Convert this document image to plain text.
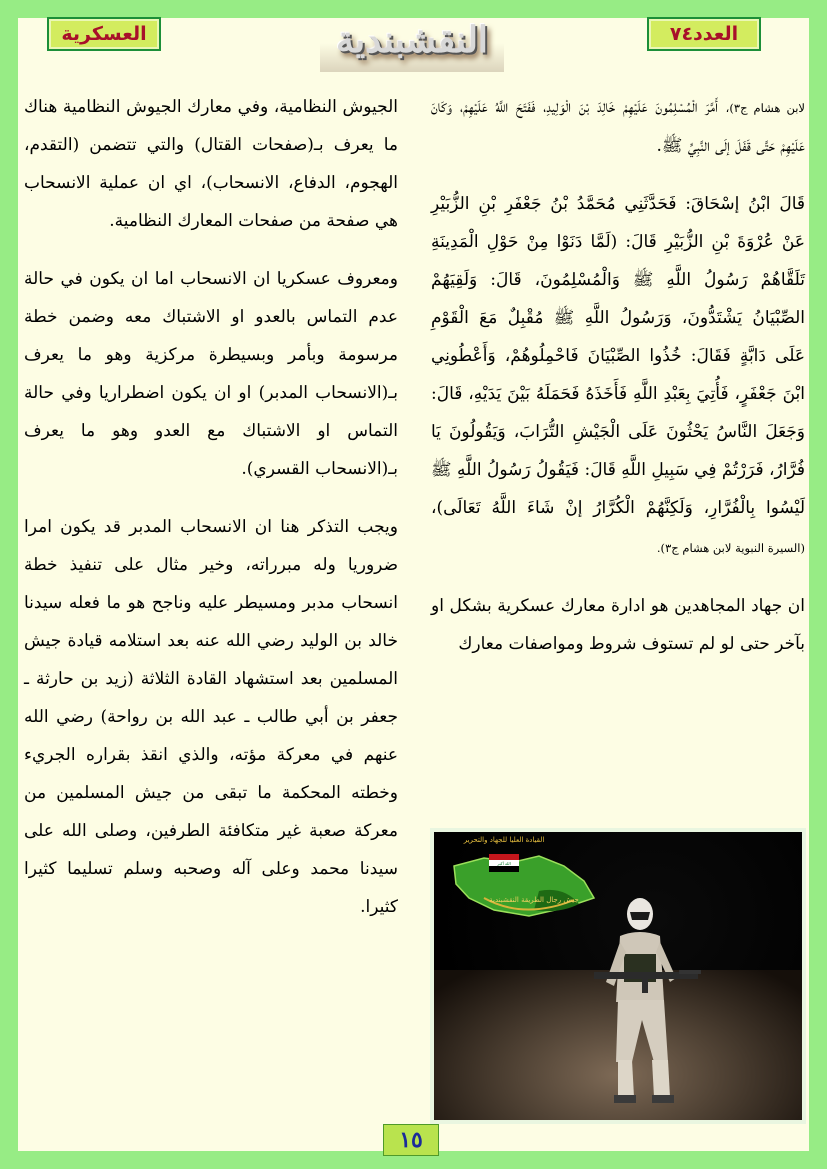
العدد٧٤
العسكرية	النقشبندية

لابن هشام ج٣)، أَمَّرَ الْمُسْلِمُونَ عَلَيْهِمْ خَالِدَ بْنَ الْوَلِيدِ، فَفَتَحَ اللَّهُ عَلَيْهِمْ، وَكَانَ عَلَيْهِمْ حَتَّى قَفَلَ إلَى النَّبِيِّ ﷺ.

قَالَ ابْنُ إسْحَاقَ: فَحَدَّثَنِي مُحَمَّدُ بْنُ جَعْفَرِ بْنِ الزُّبَيْرِ عَنْ عُرْوَةَ بْنِ الزُّبَيْرِ قَالَ: (لَمَّا دَنَوْا مِنْ حَوْلِ الْمَدِينَةِ تَلَقَّاهُمْ رَسُولُ اللَّهِ ﷺ وَالْمُسْلِمُونَ، قَالَ: وَلَقِيَهُمْ الصِّبْيَانُ يَشْتَدُّونَ، وَرَسُولُ اللَّهِ ﷺ مُقْبِلٌ مَعَ الْقَوْمِ عَلَى دَابَّةٍ فَقَالَ: خُذُوا الصِّبْيَانَ فَاحْمِلُوهُمْ، وَأَعْطُونِي ابْنَ جَعْفَرٍ، فَأُتِيَ بِعَبْدِ اللَّهِ فَأَخَذَهُ فَحَمَلَهُ بَيْنَ يَدَيْهِ، قَالَ: وَجَعَلَ النَّاسُ يَحْثُونَ عَلَى الْجَيْشِ التُّرَابَ، وَيَقُولُونَ يَا فُرَّارُ، فَرَرْتُمْ فِي سَبِيلِ اللَّهِ قَالَ: فَيَقُولُ رَسُولُ اللَّهِ ﷺ لَيْسُوا بِالْفُرَّارِ، وَلَكِنَّهُمْ الْكُرَّارُ إنْ شَاءَ اللَّهُ تَعَالَى)، (السيرة النبوية لابن هشام ج٣).

ان جهاد المجاهدين هو ادارة معارك عسكرية بشكل او بآخر حتى لو لم تستوف شروط ومواصفات معارك

الجيوش النظامية، وفي معارك الجيوش النظامية هناك ما يعرف بـ(صفحات القتال) والتي تتضمن (التقدم، الهجوم، الدفاع، الانسحاب)، اي ان عملية الانسحاب هي صفحة من صفحات المعارك النظامية.

ومعروف عسكريا ان الانسحاب اما ان يكون في حالة عدم التماس بالعدو او الاشتباك معه وضمن خطة مرسومة وبأمر وبسيطرة مركزية وهو ما يعرف بـ(الانسحاب المدبر) او ان يكون اضطراريا وفي حالة التماس او الاشتباك مع العدو وهو ما يعرف بـ(الانسحاب القسري).

ويجب التذكر هنا ان الانسحاب المدبر قد يكون امرا ضروريا وله مبرراته، وخير مثال على تنفيذ خطة انسحاب مدبر ومسيطر عليه وناجح هو ما فعله سيدنا خالد بن الوليد رضي الله عنه بعد استلامه قيادة جيش المسلمين بعد استشهاد القادة الثلاثة (زيد بن حارثة ـ جعفر بن أبي طالب ـ عبد الله بن رواحة) رضي الله عنهم في معركة مؤته، والذي انقذ بقراره الجريء وخطته المحكمة ما تبقى من جيش المسلمين من معركة صعبة غير متكافئة الطرفين، وصلى الله على سيدنا محمد وعلى آله وصحبه وسلم تسليما كثيرا كثيرا.

القيادة العليا للجهاد والتحرير
الله أكبر
جيش رجال الطريقة النقشبندية
١٥
